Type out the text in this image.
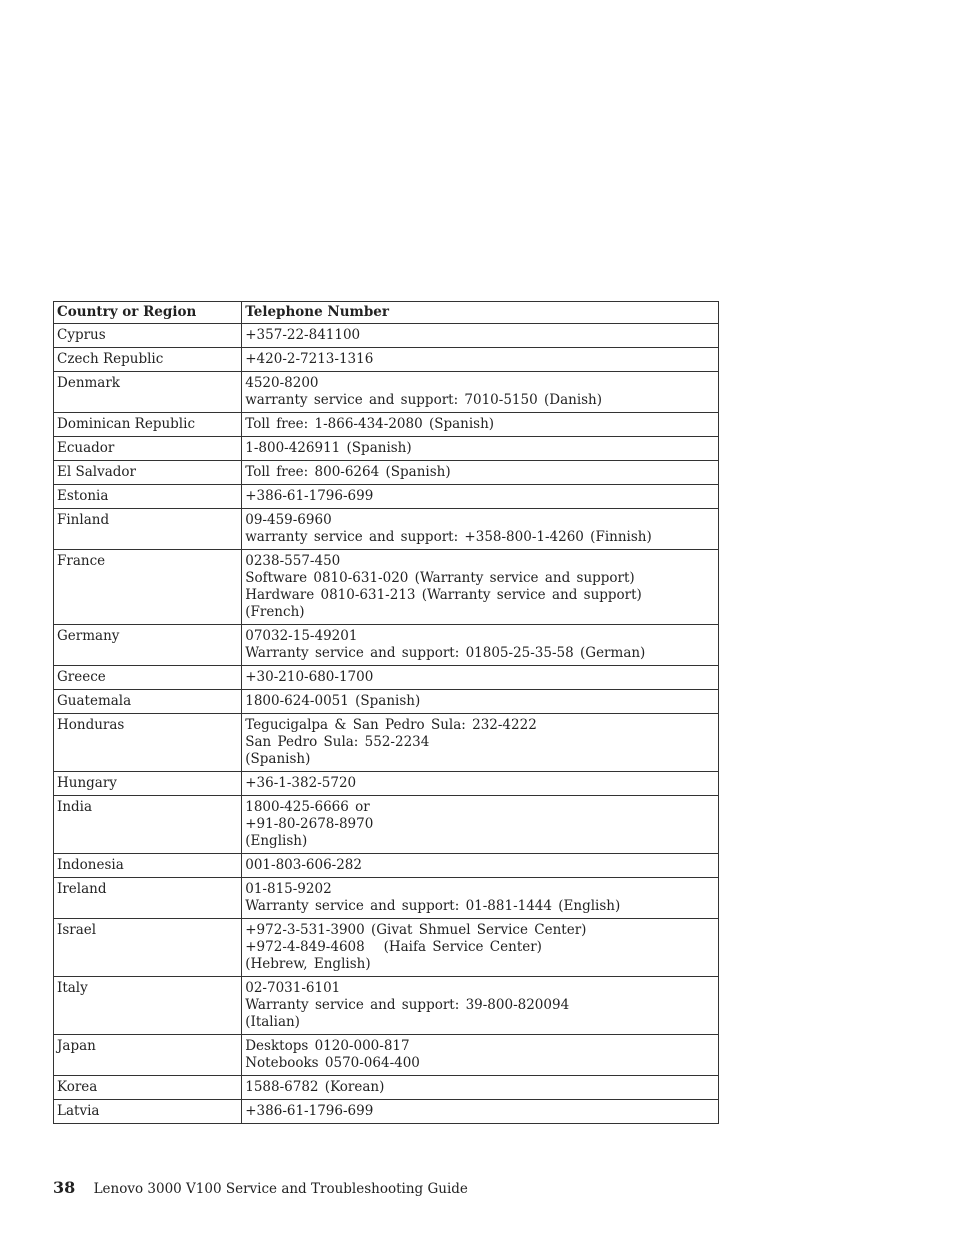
Country or Region	Telephone Number
Cyprus	+357-22-841100

Czech Republic	+420-2-7213-1316

Denmark	4520-8200
warranty service and support: 7010-5150 (Danish)

Dominican Republic	Toll free: 1-866-434-2080 (Spanish)

Ecuador	1-800-426911 (Spanish)

El Salvador	Toll free: 800-6264 (Spanish)

Estonia	+386-61-1796-699

Finland	09-459-6960
warranty service and support: +358-800-1-4260 (Finnish)

France	0238-557-450
Software 0810-631-020 (Warranty service and support)
Hardware 0810-631-213 (Warranty service and support)
(French)

Germany	07032-15-49201
Warranty service and support: 01805-25-35-58 (German)

Greece	+30-210-680-1700

Guatemala	1800-624-0051 (Spanish)

Honduras	Tegucigalpa & San Pedro Sula: 232-4222
San Pedro Sula: 552-2234
(Spanish)

Hungary	+36-1-382-5720

India	1800-425-6666 or
+91-80-2678-8970
(English)

Indonesia	001-803-606-282

Ireland	01-815-9202
Warranty service and support: 01-881-1444 (English)

Israel	+972-3-531-3900 (Givat Shmuel Service Center)
+972-4-849-4608   (Haifa Service Center)
(Hebrew, English)

Italy	02-7031-6101
Warranty service and support: 39-800-820094
(Italian)

Japan	Desktops 0120-000-817
Notebooks 0570-064-400

Korea	1588-6782 (Korean)

Latvia	+386-61-1796-699
38 Lenovo 3000 V100 Service and Troubleshooting Guide
